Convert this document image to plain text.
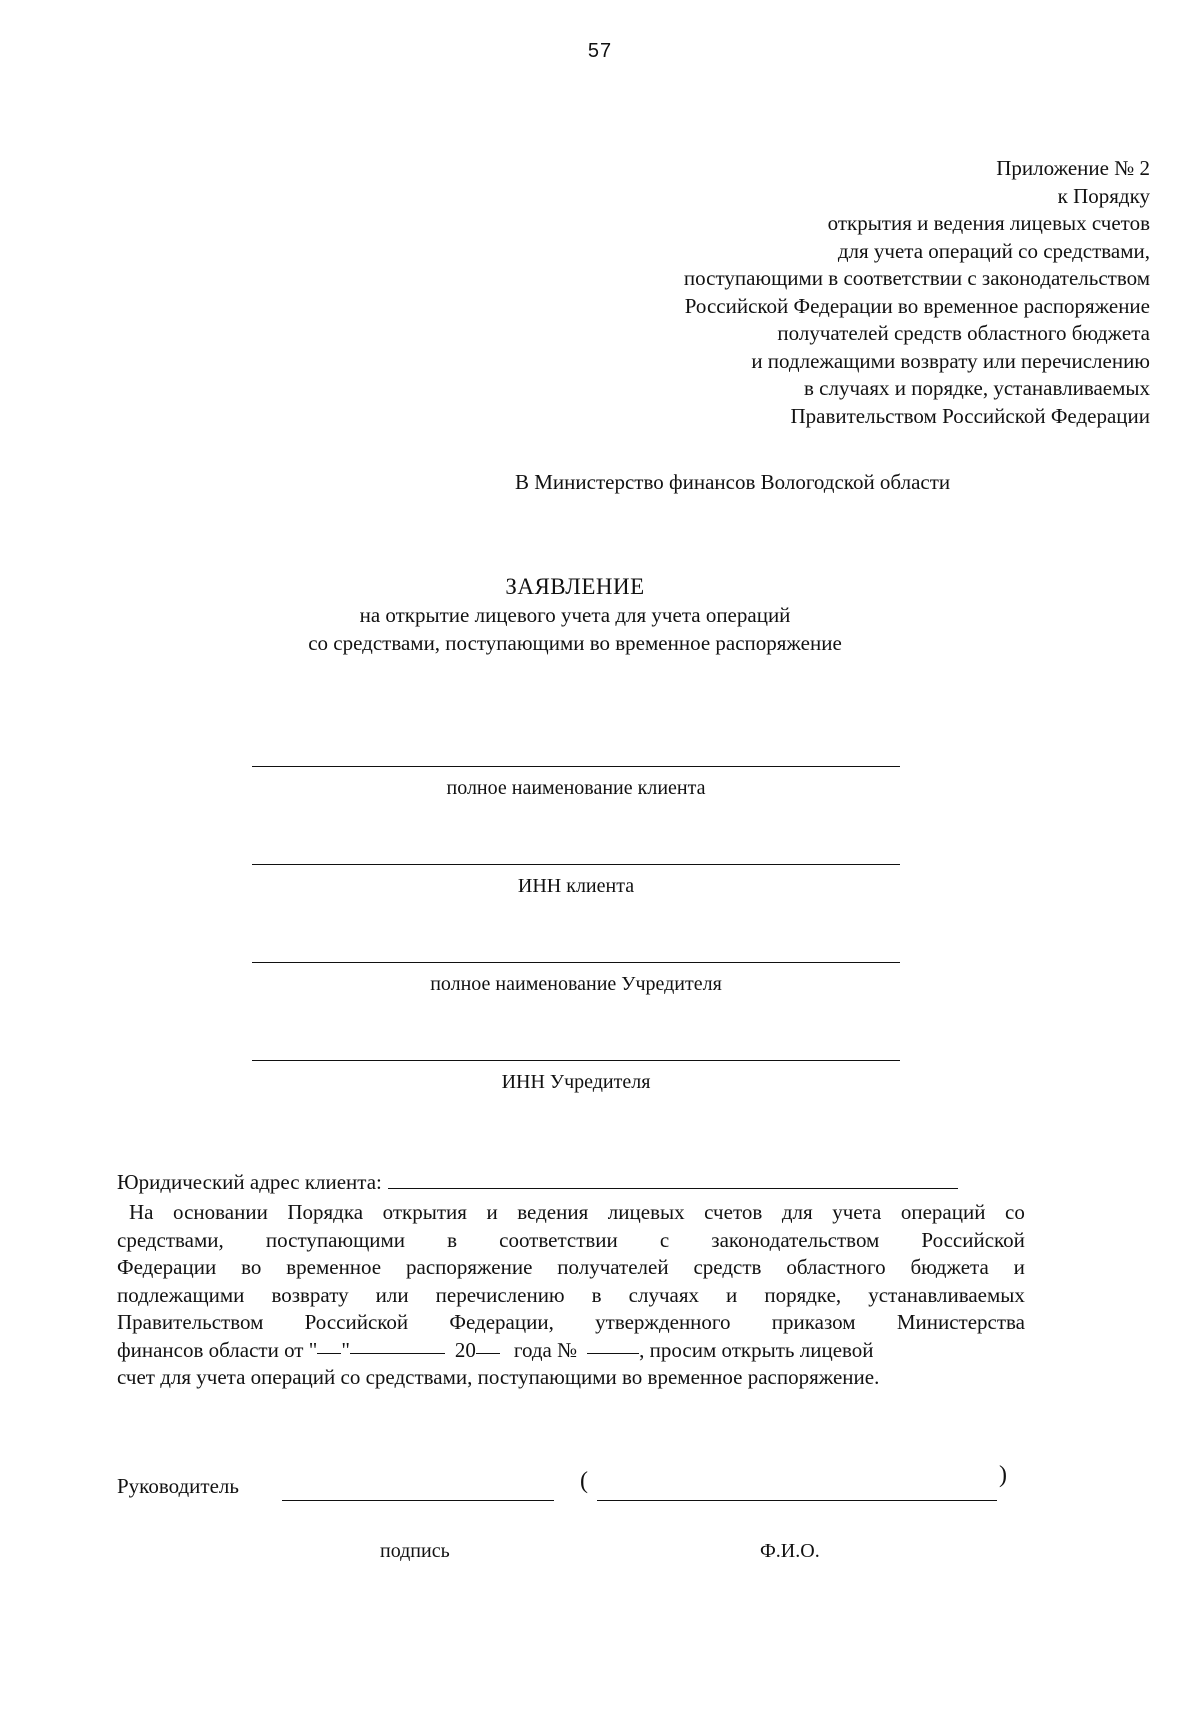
57
Приложение № 2
к Порядку
открытия и ведения лицевых счетов
для учета операций со средствами,
поступающими в соответствии с законодательством
Российской Федерации во временное распоряжение
получателей средств областного бюджета
и подлежащими возврату или перечислению
в случаях и порядке, устанавливаемых
Правительством Российской Федерации
В Министерство финансов Вологодской области
ЗАЯВЛЕНИЕ
на открытие лицевого учета для учета операций
со средствами, поступающими во временное распоряжение
полное наименование клиента
ИНН клиента
полное наименование Учредителя
ИНН Учредителя
Юридический адрес клиента:
На основании Порядка открытия и ведения лицевых счетов для учета операций со
средствами, поступающими в соответствии с законодательством Российской
Федерации во временное распоряжение получателей средств областного бюджета и
подлежащими возврату или перечислению в случаях и порядке, устанавливаемых
Правительством Российской Федерации, утвержденного приказом Министерства
финансов области от " "	20 года №	, просим открыть лицевой
счет для учета операций со средствами, поступающими во временное распоряжение.
Руководитель	(	)
подпись	Ф.И.О.
